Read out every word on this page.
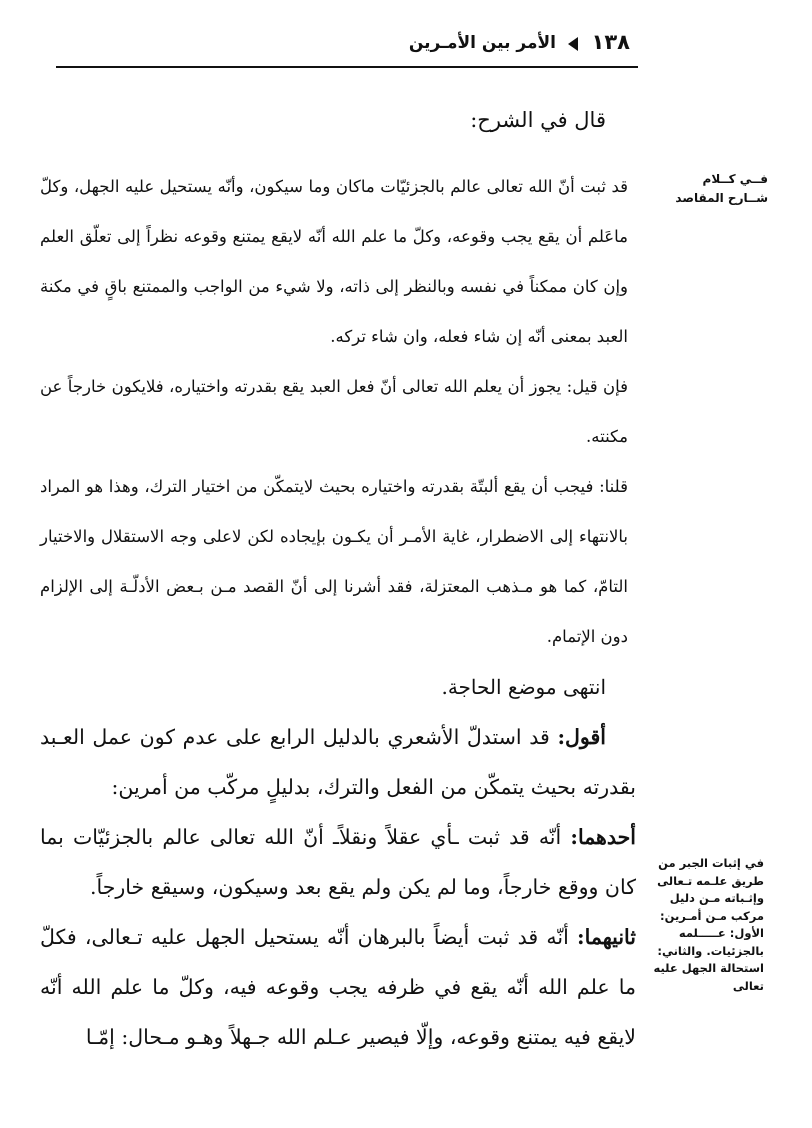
١٣٨
الأمر بين الأمـرين
فــي كــلام شــارح المقاصد
في إثبات الجبر من طريق علـمه تـعالى وإثـباته مـن دليل مركب مـن أمـرين: الأول: عـــــلمه بالجزئيات. والثاني: استحالة الجهل عليه تعالى
قال في الشرح:

قد ثبت أنّ الله تعالى عالم بالجزئيّات ماكان وما سيكون، وأنّه يستحيل عليه الجهل، وكلّ ماعَلم أن يقع يجب وقوعه، وكلّ ما علم الله أنّه لايقع يمتنع وقوعه نظراً إلى تعلّق العلم وإن كان ممكناً في نفسه وبالنظر إلى ذاته، ولا شيء من الواجب والممتنع باقٍ في مكنة العبد بمعنى أنّه إن شاء فعله، وان شاء تركه.

فإن قيل: يجوز أن يعلم الله تعالى أنّ فعل العبد يقع بقدرته واختياره، فلايكون خارجاً عن مكنته.

قلنا: فيجب أن يقع ألبتّة بقدرته واختياره بحيث لايتمكّن من اختيار الترك، وهذا هو المراد بالانتهاء إلى الاضطرار، غاية الأمـر أن يكـون بإيجاده لكن لاعلى وجه الاستقلال والاختيار التامّ، كما هو مـذهب المعتزلة، فقد أشرنا إلى أنّ القصد مـن بـعض الأدلّـة إلى الإلزام دون الإتمام.

انتهى موضع الحاجة.

أقول: قد استدلّ الأشعري بالدليل الرابع على عدم كون عمل العـبد بقدرته بحيث يتمكّن من الفعل والترك، بدليلٍ مركّب من أمرين:

أحدهما: أنّه قد ثبت ـأي عقلاً ونقلاًـ أنّ الله تعالى عالم بالجزئيّات بما كان ووقع خارجاً، وما لم يكن ولم يقع بعد وسيكون، وسيقع خارجاً.

ثانيهما: أنّه قد ثبت أيضاً بالبرهان أنّه يستحيل الجهل عليه تـعالى، فكلّ ما علم الله أنّه يقع في ظرفه يجب وقوعه فيه، وكلّ ما علم الله أنّه لايقع فيه يمتنع وقوعه، وإلّا فيصير عـلم الله جـهلاً وهـو مـحال: إمّـا
